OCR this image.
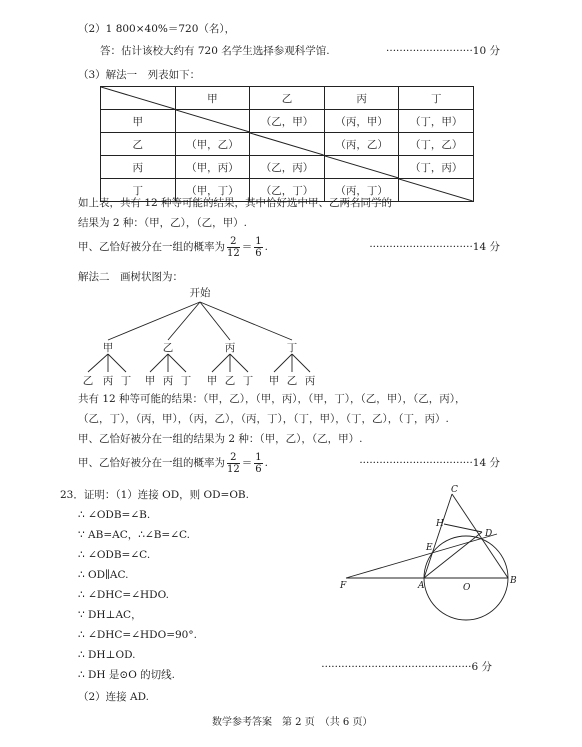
（2）1 800×40%＝720（名），
答：估计该校大约有 720 名学生选择参观科学馆.	··························10 分
（3）解法一　列表如下：
	甲	乙	丙	丁
甲		（乙，甲）	（丙，甲）	（丁，甲）
乙	（甲，乙）		（丙，乙）	（丁，乙）
丙	（甲，丙）	（乙，丙）		（丁，丙）
丁	（甲，丁）	（乙，丁）	（丙，丁）	
如上表，共有 12 种等可能的结果，其中恰好选中甲、乙两名同学的
结果为 2 种：（甲，乙），（乙，甲）.
甲、乙恰好被分在一组的概率为 $\frac{2}{12} = \frac{1}{6}$ .	·······························14 分
解法二　画树状图为：
开始
甲	乙	丙	丁
乙 丙 丁 甲 丙 丁 甲 乙 丁 甲 乙 丙
共有 12 种等可能的结果：（甲，乙），（甲，丙），（甲，丁），（乙，甲），（乙，丙），
（乙，丁），（丙，甲），（丙，乙），（丙，丁），（丁，甲），（丁，乙），（丁，丙）.
甲、乙恰好被分在一组的结果为 2 种：（甲，乙），（乙，甲）.
甲、乙恰好被分在一组的概率为 $\frac{2}{12} = \frac{1}{6}$ .	··································14 分
23．证明：（1）连接 OD，则 OD=OB.
∴ ∠ODB=∠B.
∵ AB=AC，∴∠B=∠C.
∴ ∠ODB=∠C.
∴ OD∥AC.
∴ ∠DHC=∠HDO.
∵ DH⊥AC，
∴ ∠DHC=∠HDO=90°.
∴ DH⊥OD.
∴ DH 是⊙O 的切线.
·············································6 分
（2）连接 AD.
C
H
D
E
F	A	O
B
数学参考答案　第 2 页　（共 6 页）
